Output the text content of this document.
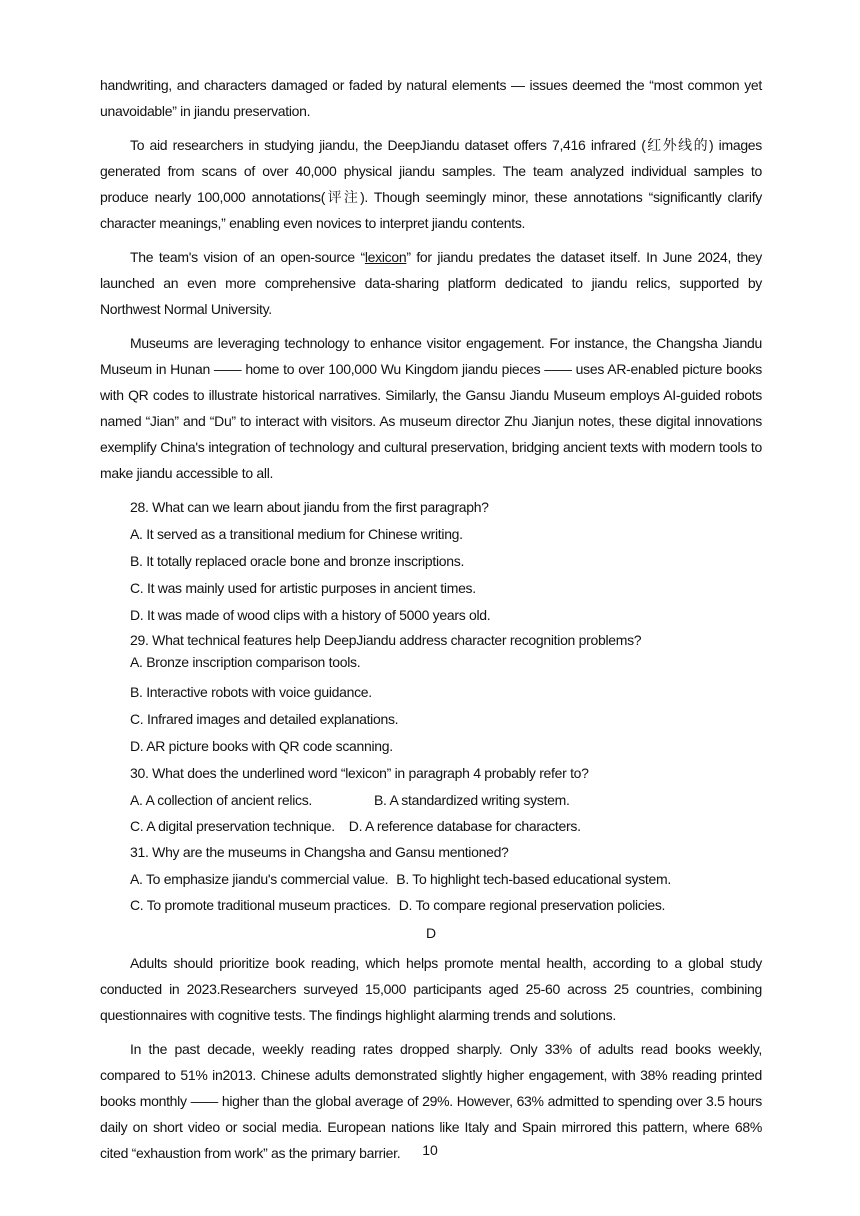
handwriting, and characters damaged or faded by natural elements — issues deemed the “most common yet unavoidable” in jiandu preservation.

To aid researchers in studying jiandu, the DeepJiandu dataset offers 7,416 infrared (红外线的) images generated from scans of over 40,000 physical jiandu samples. The team analyzed individual samples to produce nearly 100,000 annotations(评注). Though seemingly minor, these annotations “significantly clarify character meanings,” enabling even novices to interpret jiandu contents.

The team's vision of an open-source “lexicon” for jiandu predates the dataset itself. In June 2024, they launched an even more comprehensive data-sharing platform dedicated to jiandu relics, supported by Northwest Normal University.

Museums are leveraging technology to enhance visitor engagement. For instance, the Changsha Jiandu Museum in Hunan —— home to over 100,000 Wu Kingdom jiandu pieces —— uses AR-enabled picture books with QR codes to illustrate historical narratives. Similarly, the Gansu Jiandu Museum employs AI-guided robots named “Jian” and “Du” to interact with visitors. As museum director Zhu Jianjun notes, these digital innovations exemplify China's integration of technology and cultural preservation, bridging ancient texts with modern tools to make jiandu accessible to all.

28. What can we learn about jiandu from the first paragraph?
A. It served as a transitional medium for Chinese writing.
B. It totally replaced oracle bone and bronze inscriptions.
C. It was mainly used for artistic purposes in ancient times.
D. It was made of wood clips with a history of 5000 years old.
29. What technical features help DeepJiandu address character recognition problems?
A. Bronze inscription comparison tools.
B. Interactive robots with voice guidance.
C. Infrared images and detailed explanations.
D. AR picture books with QR code scanning.
30. What does the underlined word “lexicon” in paragraph 4 probably refer to?
A. A collection of ancient relics.	B. A standardized writing system.
C. A digital preservation technique. D. A reference database for characters.
31. Why are the museums in Changsha and Gansu mentioned?
A. To emphasize jiandu's commercial value. B. To highlight tech-based educational system.
C. To promote traditional museum practices. D. To compare regional preservation policies.
D

Adults should prioritize book reading, which helps promote mental health, according to a global study conducted in 2023.Researchers surveyed 15,000 participants aged 25-60 across 25 countries, combining questionnaires with cognitive tests. The findings highlight alarming trends and solutions.

In the past decade, weekly reading rates dropped sharply. Only 33% of adults read books weekly, compared to 51% in2013. Chinese adults demonstrated slightly higher engagement, with 38% reading printed books monthly —— higher than the global average of 29%. However, 63% admitted to spending over 3.5 hours daily on short video or social media. European nations like Italy and Spain mirrored this pattern, where 68% cited “exhaustion from work” as the primary barrier.	10
